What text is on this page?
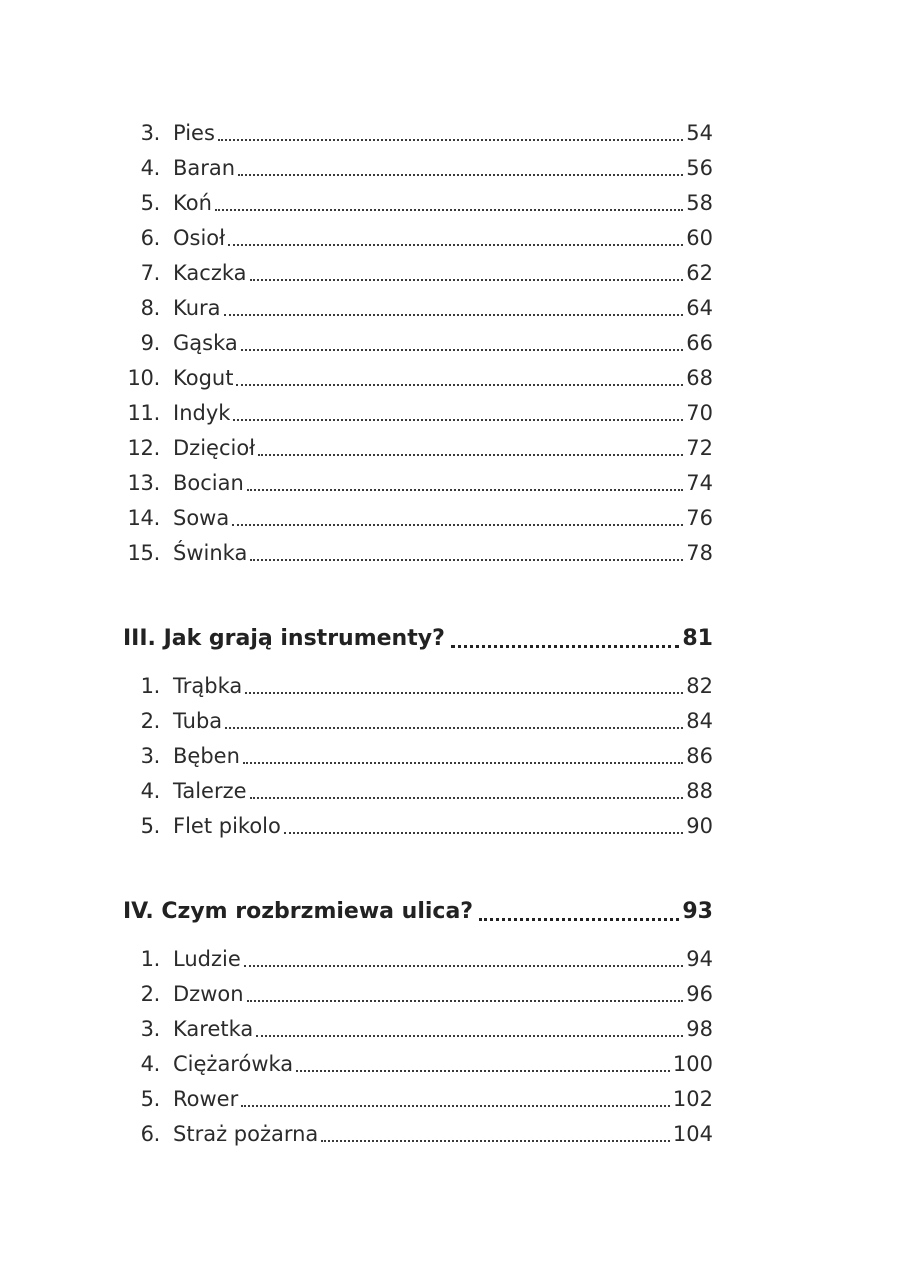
3. Pies	54
4. Baran	56
5. Koń	58
6. Osioł	60
7. Kaczka	62
8. Kura	64
9. Gąska	66
10. Kogut	68
11. Indyk	70
12. Dzięcioł	72
13. Bocian	74
14. Sowa	76
15. Świnka	78
III. Jak grają instrumenty?	81
1. Trąbka	82
2. Tuba	84
3. Bęben	86
4. Talerze	88
5. Flet pikolo	90
IV. Czym rozbrzmiewa ulica?	93
1. Ludzie	94
2. Dzwon	96
3. Karetka	98
4. Ciężarówka	100
5. Rower	102
6. Straż pożarna	104
